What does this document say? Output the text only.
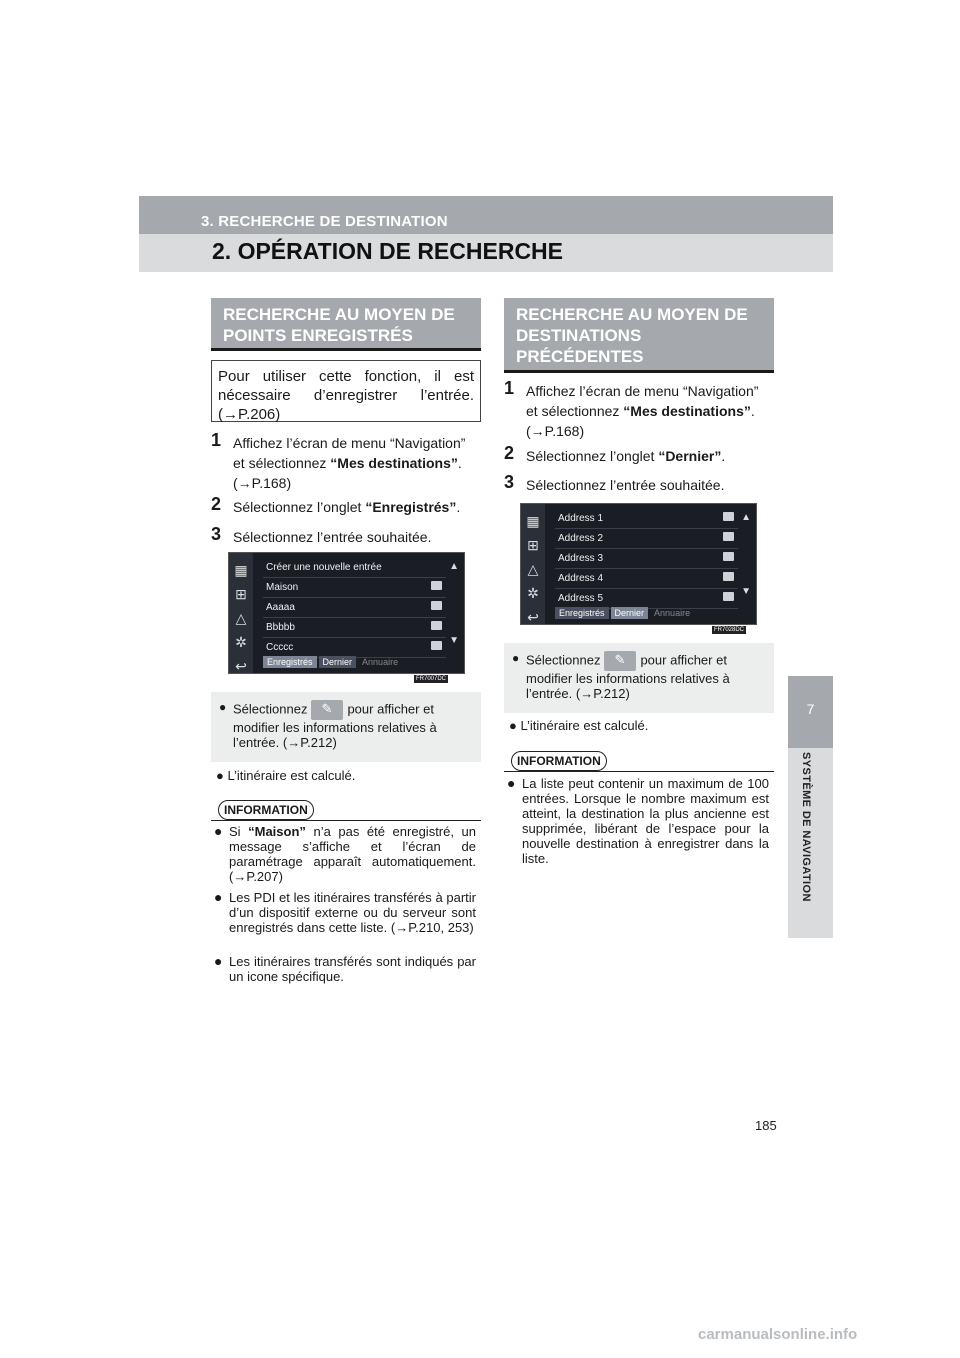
3. RECHERCHE DE DESTINATION
2. OPÉRATION DE RECHERCHE
7
SYSTÈME DE NAVIGATION
RECHERCHE AU MOYEN DE
POINTS ENREGISTRÉS
Pour utiliser cette fonction, il est nécessaire d’enregistrer l’entrée. (→P.206)
1 Affichez l’écran de menu “Navigation”
et sélectionnez “Mes destinations”.
(→P.168)
2 Sélectionnez l’onglet “Enregistrés”.
3 Sélectionnez l’entrée souhaitée.
▦
⊞
△
✲
↩
Créer une nouvelle entrée
Maison
Aaaaa
Bbbbb
Ccccc
▲
▼
Enregistrés Dernier Annuaire
FR7007DC
● Sélectionnez ✎	pour afficher et
modifier les informations relatives à
l’entrée. (→P.212)
● L’itinéraire est calculé.
INFORMATION
● Si “Maison” n’a pas été enregistré, un message s’affiche et l’écran de paramétrage apparaît automatiquement. (→P.207)
● Les PDI et les itinéraires transférés à partir d’un dispositif externe ou du serveur sont enregistrés dans cette liste. (→P.210, 253)
● Les itinéraires transférés sont indiqués par un icone spécifique.
RECHERCHE AU MOYEN DE
DESTINATIONS
PRÉCÉDENTES
1 Affichez l’écran de menu “Navigation”
et sélectionnez “Mes destinations”.
(→P.168)
2 Sélectionnez l’onglet “Dernier”.
3 Sélectionnez l’entrée souhaitée.
▦
⊞
△
✲
↩
Address 1
Address 2
Address 3
Address 4
Address 5
▲
▼
Enregistrés Dernier Annuaire
FR7028DC
● Sélectionnez ✎	pour afficher et
modifier les informations relatives à
l’entrée. (→P.212)
● L’itinéraire est calculé.
INFORMATION
● La liste peut contenir un maximum de 100 entrées. Lorsque le nombre maximum est atteint, la destination la plus ancienne est supprimée, libérant de l’espace pour la nouvelle destination à enregistrer dans la liste.
185
carmanualsonline.info
